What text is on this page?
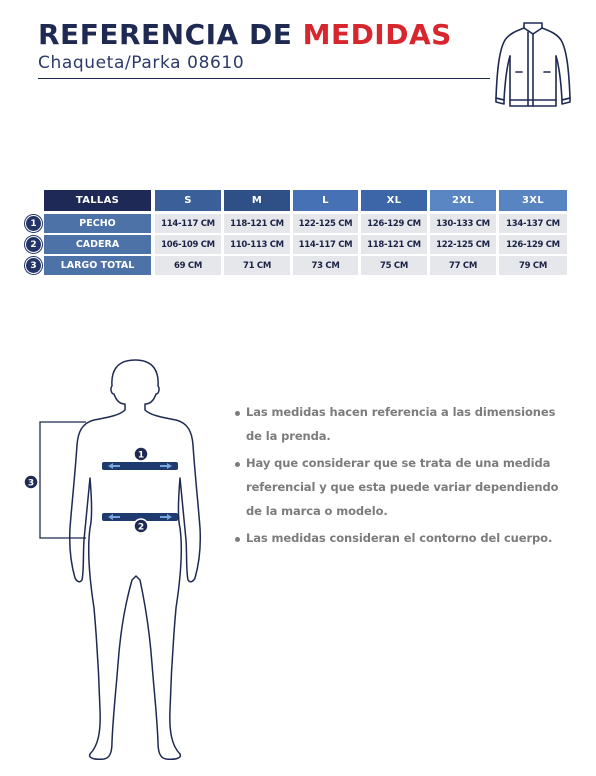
REFERENCIA DE MEDIDAS
Chaqueta/Parka 08610
TALLAS	S	M	L	XL	2XL	3XL
1	PECHO	114-117 CM	118-121 CM	122-125 CM	126-129 CM	130-133 CM	134-137 CM
2	CADERA	106-109 CM	110-113 CM	114-117 CM	118-121 CM	122-125 CM	126-129 CM
3	LARGO TOTAL	69 CM	71 CM	73 CM	75 CM	77 CM	79 CM
1
2
3
Las medidas hacen referencia a las dimensiones de la prenda.
Hay que considerar que se trata de una medida referencial y que esta puede variar dependiendo de la marca o modelo.
Las medidas consideran el contorno del cuerpo.
